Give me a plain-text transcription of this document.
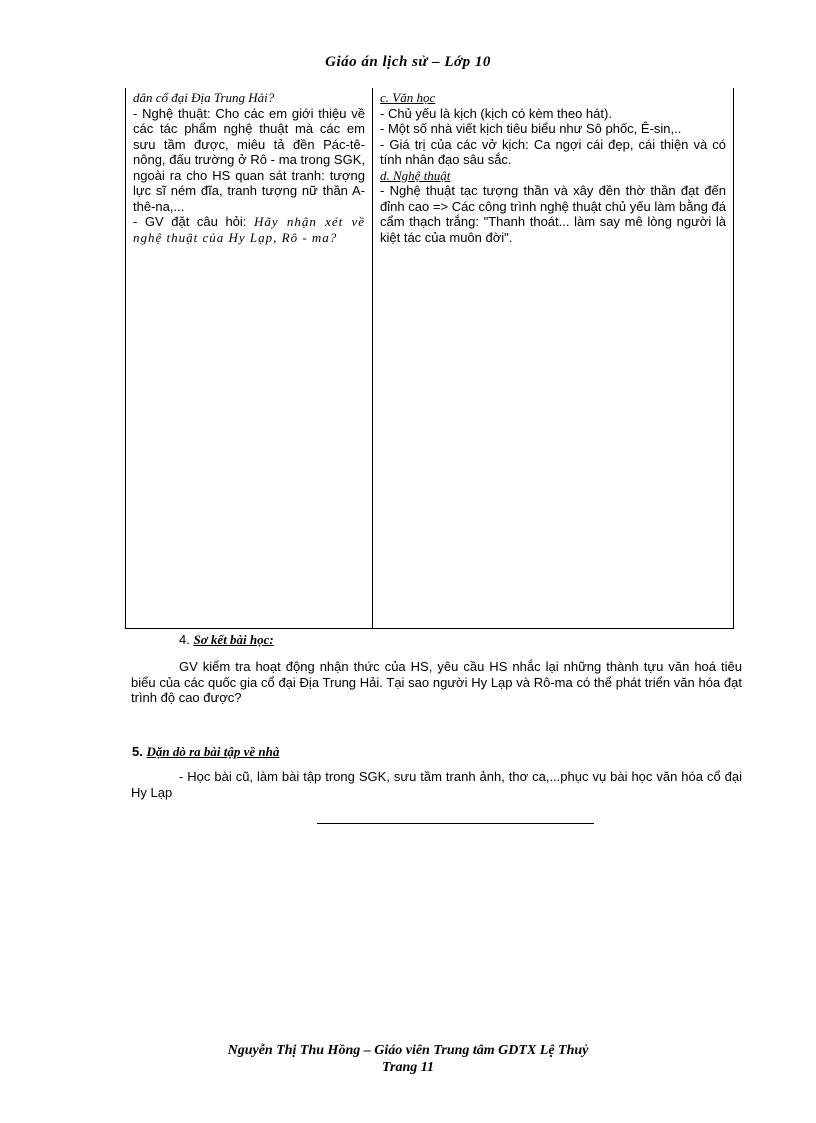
Giáo án lịch sử – Lớp 10

dân cổ đại Địa Trung Hải?

- Nghệ thuật: Cho các em giới thiệu về các tác phẩm nghệ thuật mà các em sưu tầm được, miêu tả đền Pác-tê-nông, đấu trường ở Rô - ma trong SGK, ngoài ra cho HS quan sát tranh: tượng lực sĩ ném đĩa, tranh tượng nữ thần A-thê-na,...

- GV đặt câu hỏi: Hãy nhận xét về nghệ thuật của Hy Lạp, Rô - ma?

c. Văn học

- Chủ yếu là kịch (kịch có kèm theo hát).

- Một số nhà viết kịch tiêu biểu như Sô phốc, Ê-sin,..

- Giá trị của các vở kịch: Ca ngợi cái đẹp, cái thiện và có tính nhân đạo sâu sắc.

d. Nghệ thuật

- Nghệ thuật tạc tượng thần và xây đền thờ thần đạt đến đỉnh cao => Các công trình nghệ thuật chủ yếu làm bằng đá cẩm thạch trắng: "Thanh thoát... làm say mê lòng người là kiệt tác của muôn đời".

4. Sơ kết bài học:

GV kiểm tra hoạt động nhận thức của HS, yêu cầu HS nhắc lại những thành tựu văn hoá tiêu biểu của các quốc gia cổ đại Địa Trung Hải. Tại sao người Hy Lạp và Rô-ma có thể phát triển văn hóa đạt trình độ cao được?

5. Dặn dò ra bài tập về nhà

- Học bài cũ, làm bài tập trong SGK, sưu tầm tranh ảnh, thơ ca,...phục vụ bài học văn hóa cổ đại Hy Lạp

Nguyễn Thị Thu Hồng – Giáo viên Trung tâm GDTX Lệ Thuỷ
Trang 11
